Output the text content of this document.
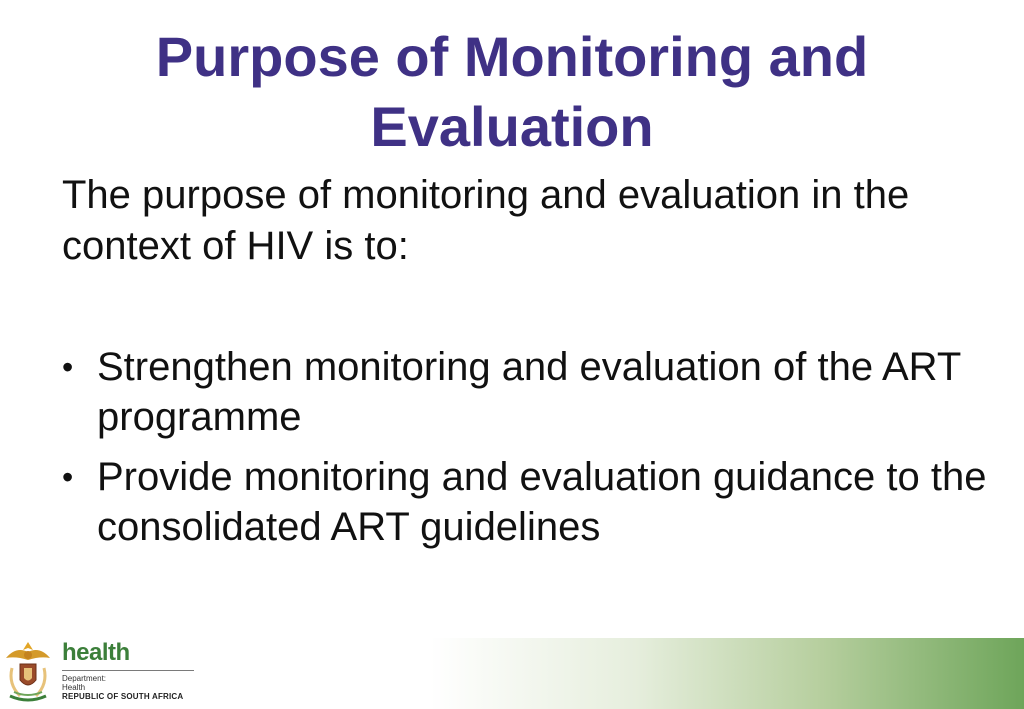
Purpose of Monitoring and
Evaluation

The purpose of monitoring and evaluation in the context of HIV is to:

• Strengthen monitoring and evaluation of the ART programme
• Provide monitoring and evaluation guidance to the consolidated ART guidelines
health
Department:
Health
REPUBLIC OF SOUTH AFRICA
